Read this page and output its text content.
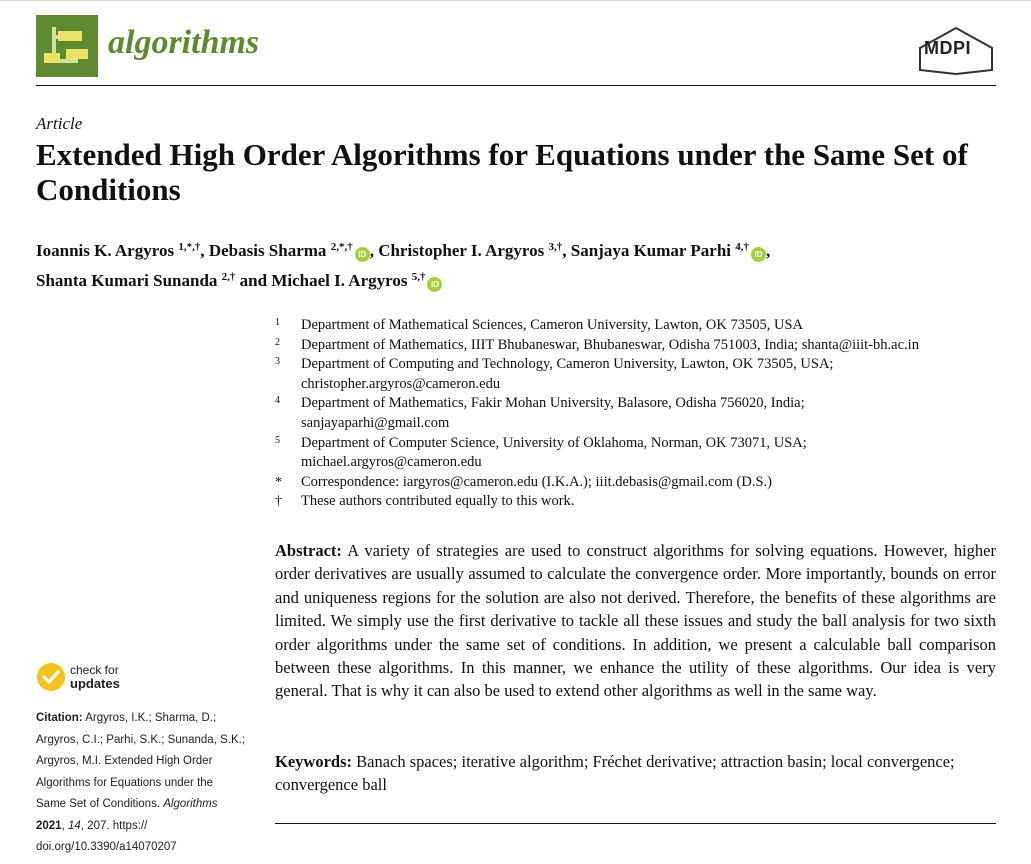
algorithms	MDPI
Article
Extended High Order Algorithms for Equations under the Same Set of Conditions
Ioannis K. Argyros $^{1,*,\dagger}$, Debasis Sharma $^{2,*,\dagger}$iD , Christopher I. Argyros $^{3,\dagger}$, Sanjaya Kumar Parhi $^{4,\dagger}$iD ,
Shanta Kumari Sunanda $^{2,\dagger}$ and Michael I. Argyros $^{5,\dagger}$iD
1 Department of Mathematical Sciences, Cameron University, Lawton, OK 73505, USA
2 Department of Mathematics, IIIT Bhubaneswar, Bhubaneswar, Odisha 751003, India; shanta@iiit-bh.ac.in
3 Department of Computing and Technology, Cameron University, Lawton, OK 73505, USA;
christopher.argyros@cameron.edu
4 Department of Mathematics, Fakir Mohan University, Balasore, Odisha 756020, India;
sanjayaparhi@gmail.com
5 Department of Computer Science, University of Oklahoma, Norman, OK 73071, USA;
michael.argyros@cameron.edu
* Correspondence: iargyros@cameron.edu (I.K.A.); iiit.debasis@gmail.com (D.S.)
† These authors contributed equally to this work.
Abstract: A variety of strategies are used to construct algorithms for solving equations. However, higher order derivatives are usually assumed to calculate the convergence order. More importantly, bounds on error and uniqueness regions for the solution are also not derived. Therefore, the benefits of these algorithms are limited. We simply use the first derivative to tackle all these issues and study the ball analysis for two sixth order algorithms under the same set of conditions. In addition, we present a calculable ball comparison between these algorithms. In this manner, we enhance the utility of these algorithms. Our idea is very general. That is why it can also be used to extend other algorithms as well in the same way.
Keywords: Banach spaces; iterative algorithm; Fréchet derivative; attraction basin; local convergence; convergence ball
check for
updates
Citation: Argyros, I.K.; Sharma, D.; Argyros, C.I.; Parhi, S.K.; Sunanda, S.K.; Argyros, M.I. Extended High Order Algorithms for Equations under the Same Set of Conditions. Algorithms 2021, 14, 207. https:// doi.org/10.3390/a14070207
